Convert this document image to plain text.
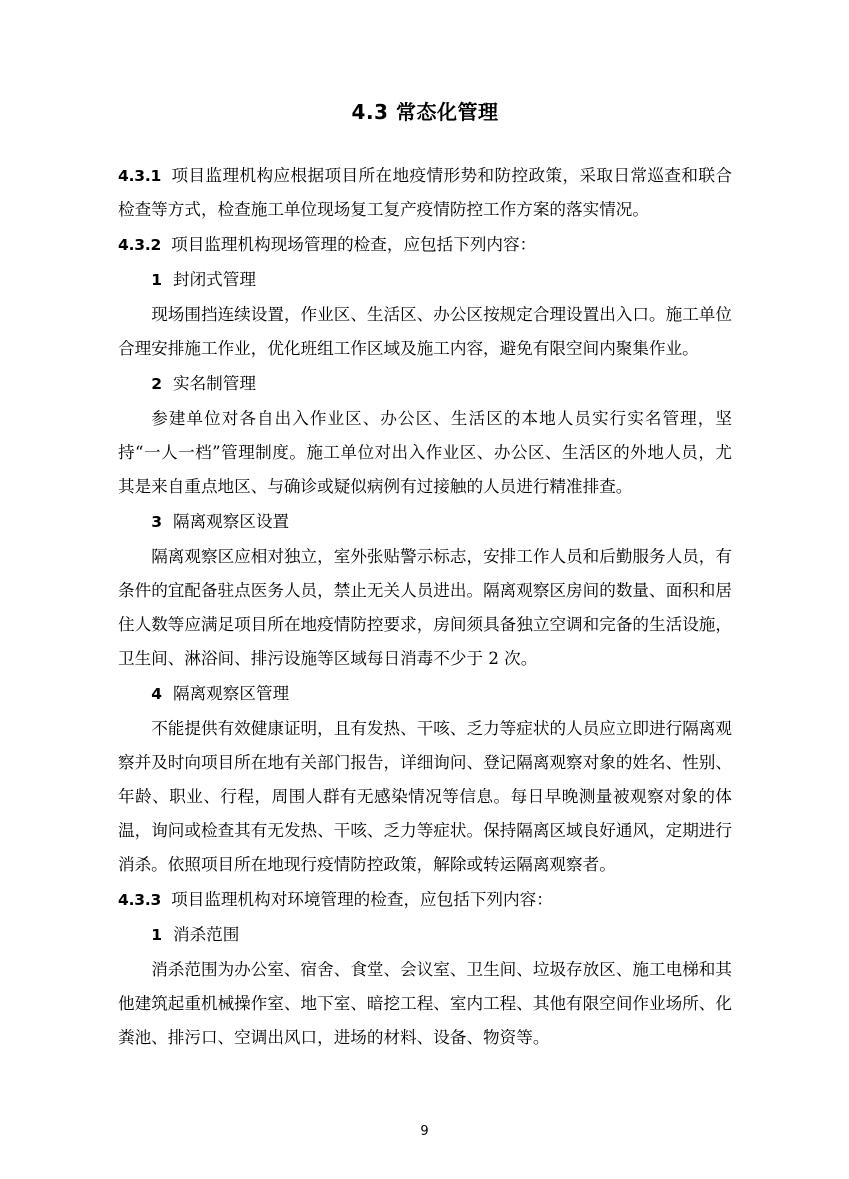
4.3 常态化管理

4.3.1 项目监理机构应根据项目所在地疫情形势和防控政策，采取日常巡查和联合检查等方式，检查施工单位现场复工复产疫情防控工作方案的落实情况。

4.3.2 项目监理机构现场管理的检查，应包括下列内容：

1 封闭式管理

现场围挡连续设置，作业区、生活区、办公区按规定合理设置出入口。施工单位合理安排施工作业，优化班组工作区域及施工内容，避免有限空间内聚集作业。

2 实名制管理

参建单位对各自出入作业区、办公区、生活区的本地人员实行实名管理，坚持“一人一档”管理制度。施工单位对出入作业区、办公区、生活区的外地人员，尤其是来自重点地区、与确诊或疑似病例有过接触的人员进行精准排查。

3 隔离观察区设置

隔离观察区应相对独立，室外张贴警示标志，安排工作人员和后勤服务人员，有条件的宜配备驻点医务人员，禁止无关人员进出。隔离观察区房间的数量、面积和居住人数等应满足项目所在地疫情防控要求，房间须具备独立空调和完备的生活设施，卫生间、淋浴间、排污设施等区域每日消毒不少于 2 次。

4 隔离观察区管理

不能提供有效健康证明，且有发热、干咳、乏力等症状的人员应立即进行隔离观察并及时向项目所在地有关部门报告，详细询问、登记隔离观察对象的姓名、性别、年龄、职业、行程，周围人群有无感染情况等信息。每日早晚测量被观察对象的体温，询问或检查其有无发热、干咳、乏力等症状。保持隔离区域良好通风，定期进行消杀。依照项目所在地现行疫情防控政策，解除或转运隔离观察者。

4.3.3 项目监理机构对环境管理的检查，应包括下列内容：

1 消杀范围

消杀范围为办公室、宿舍、食堂、会议室、卫生间、垃圾存放区、施工电梯和其他建筑起重机械操作室、地下室、暗挖工程、室内工程、其他有限空间作业场所、化粪池、排污口、空调出风口，进场的材料、设备、物资等。

9
